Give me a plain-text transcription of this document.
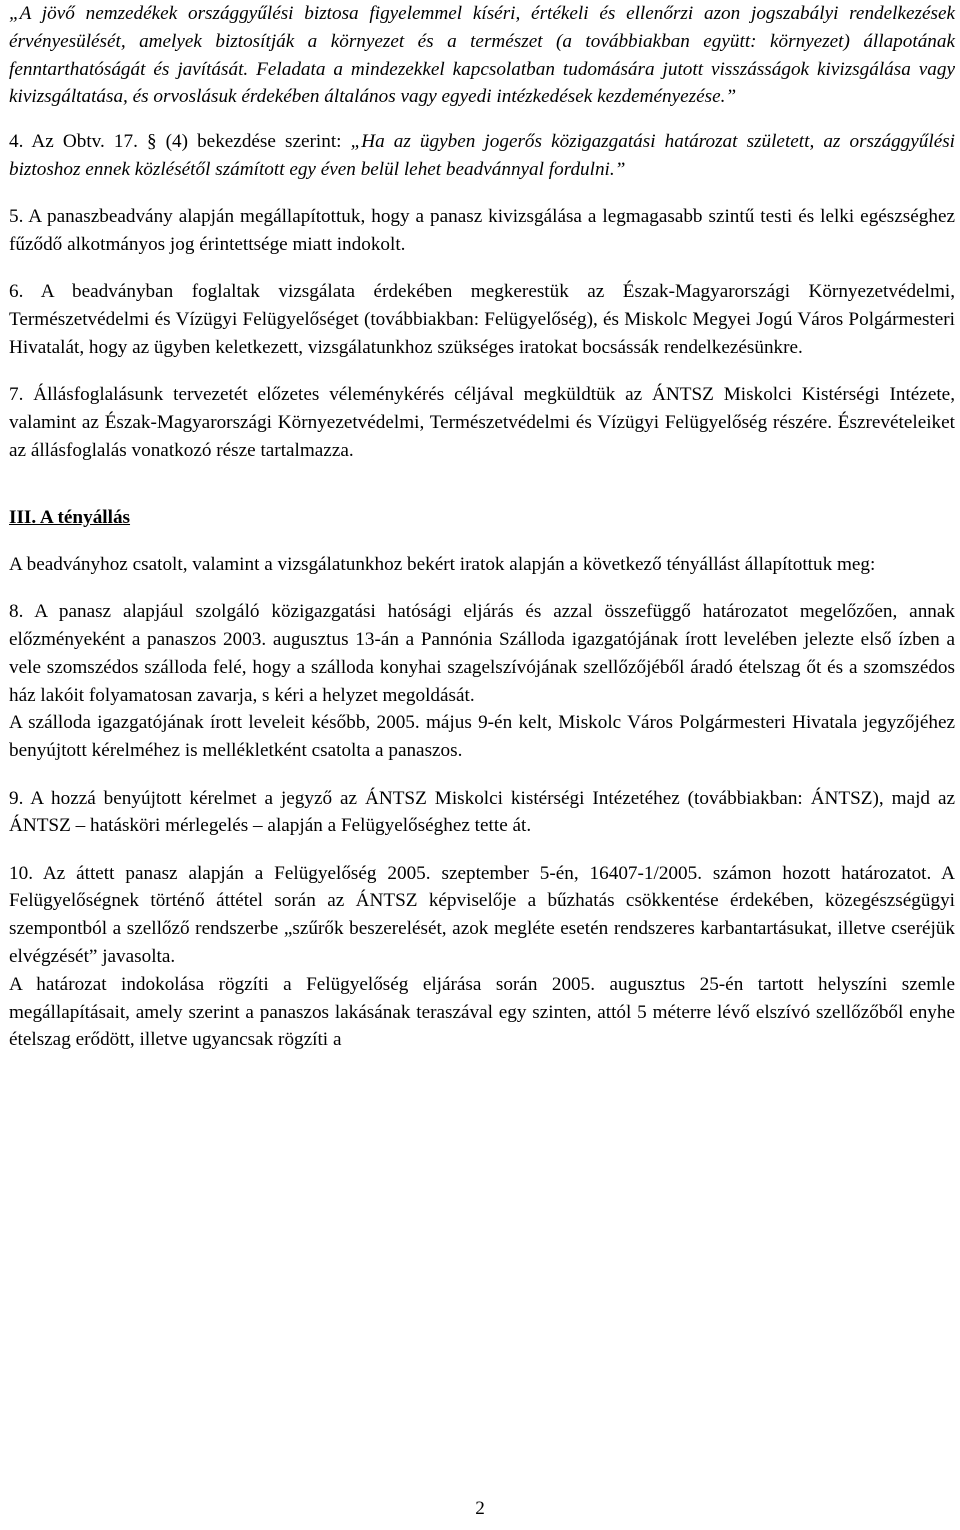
„A jövő nemzedékek országgyűlési biztosa figyelemmel kíséri, értékeli és ellenőrzi azon jogszabályi rendelkezések érvényesülését, amelyek biztosítják a környezet és a természet (a továbbiakban együtt: környezet) állapotának fenntarthatóságát és javítását. Feladata a mindezekkel kapcsolatban tudomására jutott visszásságok kivizsgálása vagy kivizsgáltatása, és orvoslásuk érdekében általános vagy egyedi intézkedések kezdeményezése.”

4. Az Obtv. 17. § (4) bekezdése szerint: „Ha az ügyben jogerős közigazgatási határozat született, az országgyűlési biztoshoz ennek közlésétől számított egy éven belül lehet beadvánnyal fordulni.”

5. A panaszbeadvány alapján megállapítottuk, hogy a panasz kivizsgálása a legmagasabb szintű testi és lelki egészséghez fűződő alkotmányos jog érintettsége miatt indokolt.

6. A beadványban foglaltak vizsgálata érdekében megkerestük az Észak-Magyarországi Környezetvédelmi, Természetvédelmi és Vízügyi Felügyelőséget (továbbiakban: Felügyelőség), és Miskolc Megyei Jogú Város Polgármesteri Hivatalát, hogy az ügyben keletkezett, vizsgálatunkhoz szükséges iratokat bocsássák rendelkezésünkre.

7. Állásfoglalásunk tervezetét előzetes véleménykérés céljával megküldtük az ÁNTSZ Miskolci Kistérségi Intézete, valamint az Észak-Magyarországi Környezetvédelmi, Természetvédelmi és Vízügyi Felügyelőség részére. Észrevételeiket az állásfoglalás vonatkozó része tartalmazza.

III. A tényállás

A beadványhoz csatolt, valamint a vizsgálatunkhoz bekért iratok alapján a következő tényállást állapítottuk meg:

8. A panasz alapjául szolgáló közigazgatási hatósági eljárás és azzal összefüggő határozatot megelőzően, annak előzményeként a panaszos 2003. augusztus 13-án a Pannónia Szálloda igazgatójának írott levelében jelezte első ízben a vele szomszédos szálloda felé, hogy a szálloda konyhai szagelszívójának szellőzőjéből áradó ételszag őt és a szomszédos ház lakóit folyamatosan zavarja, s kéri a helyzet megoldását.

A szálloda igazgatójának írott leveleit később, 2005. május 9-én kelt, Miskolc Város Polgármesteri Hivatala jegyzőjéhez benyújtott kérelméhez is mellékletként csatolta a panaszos.

9. A hozzá benyújtott kérelmet a jegyző az ÁNTSZ Miskolci kistérségi Intézetéhez (továbbiakban: ÁNTSZ), majd az ÁNTSZ – hatásköri mérlegelés – alapján a Felügyelőséghez tette át.

10. Az áttett panasz alapján a Felügyelőség 2005. szeptember 5-én, 16407-1/2005. számon hozott határozatot. A Felügyelőségnek történő áttétel során az ÁNTSZ képviselője a bűzhatás csökkentése érdekében, közegészségügyi szempontból a szellőző rendszerbe „szűrők beszerelését, azok megléte esetén rendszeres karbantartásukat, illetve cseréjük elvégzését” javasolta.

A határozat indokolása rögzíti a Felügyelőség eljárása során 2005. augusztus 25-én tartott helyszíni szemle megállapításait, amely szerint a panaszos lakásának teraszával egy szinten, attól 5 méterre lévő elszívó szellőzőből enyhe ételszag erődött, illetve ugyancsak rögzíti a

2
